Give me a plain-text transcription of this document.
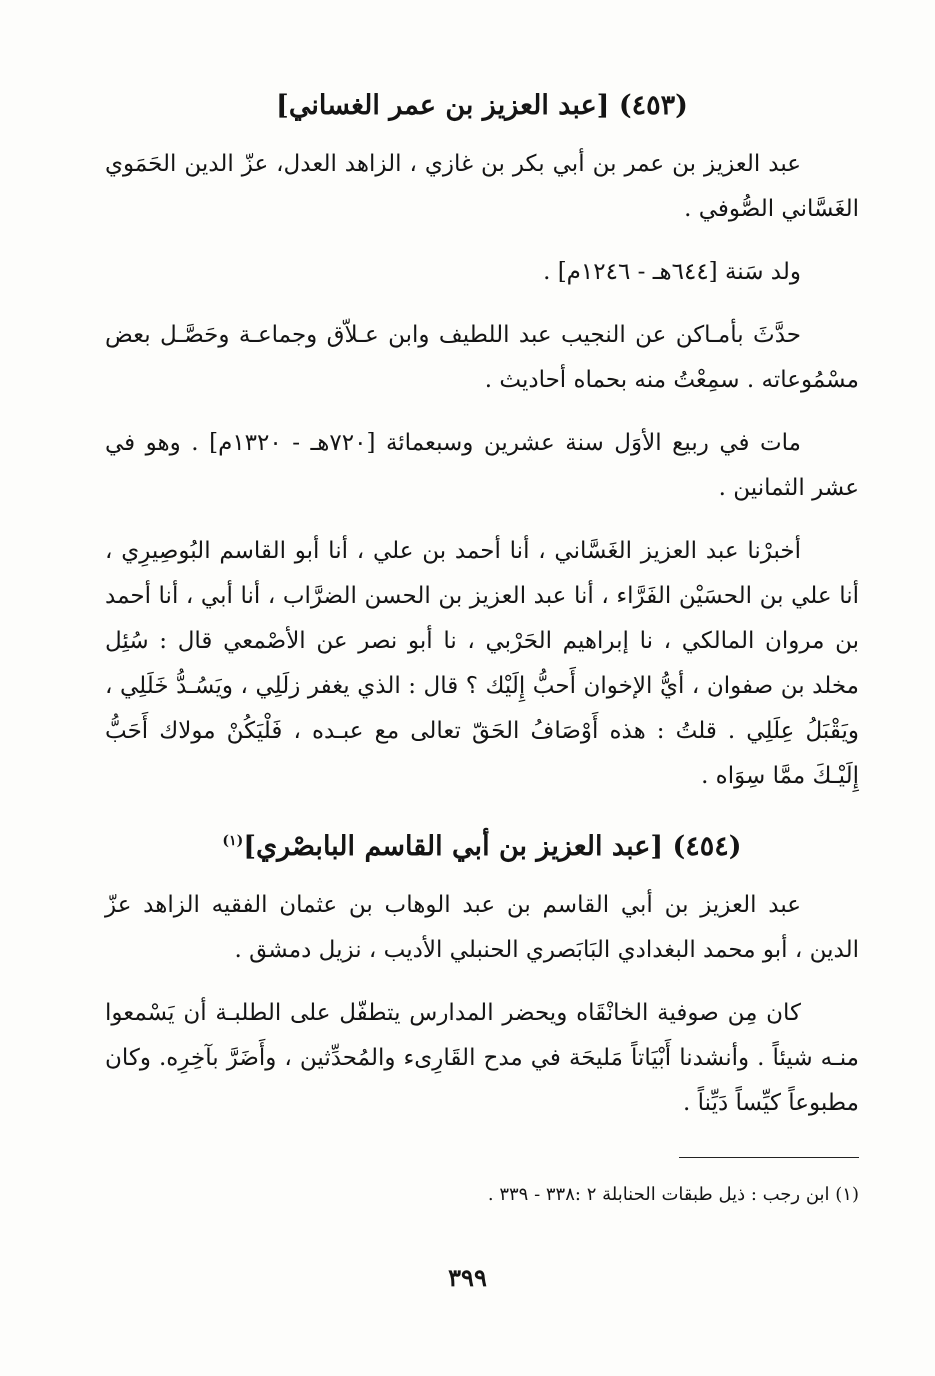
(٤٥٣) [عبد العزيز بن عمر الغساني]

عبد العزيز بن عمر بن أبي بكر بن غازي ، الزاهد العدل، عزّ الدين الحَمَوي الغَسَّاني الصُّوفي .

ولد سَنة [٦٤٤هـ - ١٢٤٦م] .

حدَّثَ بأمـاكن عن النجيب عبد اللطيف وابن عـلاّق وجماعـة وحَصَّـل بعض مسْمُوعاته . سمِعْتُ منه بحماه أحاديث .

مات في ربيع الأوَل سنة عشرين وسبعمائة [٧٢٠هـ - ١٣٢٠م] . وهو في عشر الثمانين .

أخبرْنا عبد العزيز الغَسَّاني ، أنا أحمد بن علي ، أنا أبو القاسم البُوصِيرِي ، أنا علي بن الحسَيْن الفَرَّاء ، أنا عبد العزيز بن الحسن الضرَّاب ، أنا أبي ، أنا أحمد بن مروان المالكي ، نا إبراهيم الحَرْبي ، نا أبو نصر عن الأصْمعي قال : سُئِل مخلد بن صفوان ، أيُّ الإخوان أَحبُّ إِلَيْك ؟ قال : الذي يغفر زلَلِي ، ويَسُـدُّ خَلَلِي ، ويَقْبَلُ عِلَلِي . قلتُ : هذه أَوْصَافُ الحَقّ تعالى مع عبـده ، فَلْيَكُنْ مولاك أَحَبُّ إِلَيْـكَ ممَّا سِوَاه .

(٤٥٤) [عبد العزيز بن أبي القاسم البابصْري]$^{(١)}$

عبد العزيز بن أبي القاسم بن عبد الوهاب بن عثمان الفقيه الزاهد عزّ الدين ، أبو محمد البغدادي البَابَصري الحنبلي الأديب ، نزيل دمشق .

كان مِن صوفية الخانْقَاه ويحضر المدارس يتطفّل على الطلبـة أن يَسْمعوا منـه شيئاً . وأنشدنا أَبْيَاتاً مَليحَة في مدح القَارِىء والمُحدِّثين ، وأَضَرَّ بآخِرِه. وكان مطبوعاً كيِّساً دَيِّناً .

(١) ابن رجب : ذيل طبقات الحنابلة ٢ :٣٣٨ - ٣٣٩ .
٣٩٩
